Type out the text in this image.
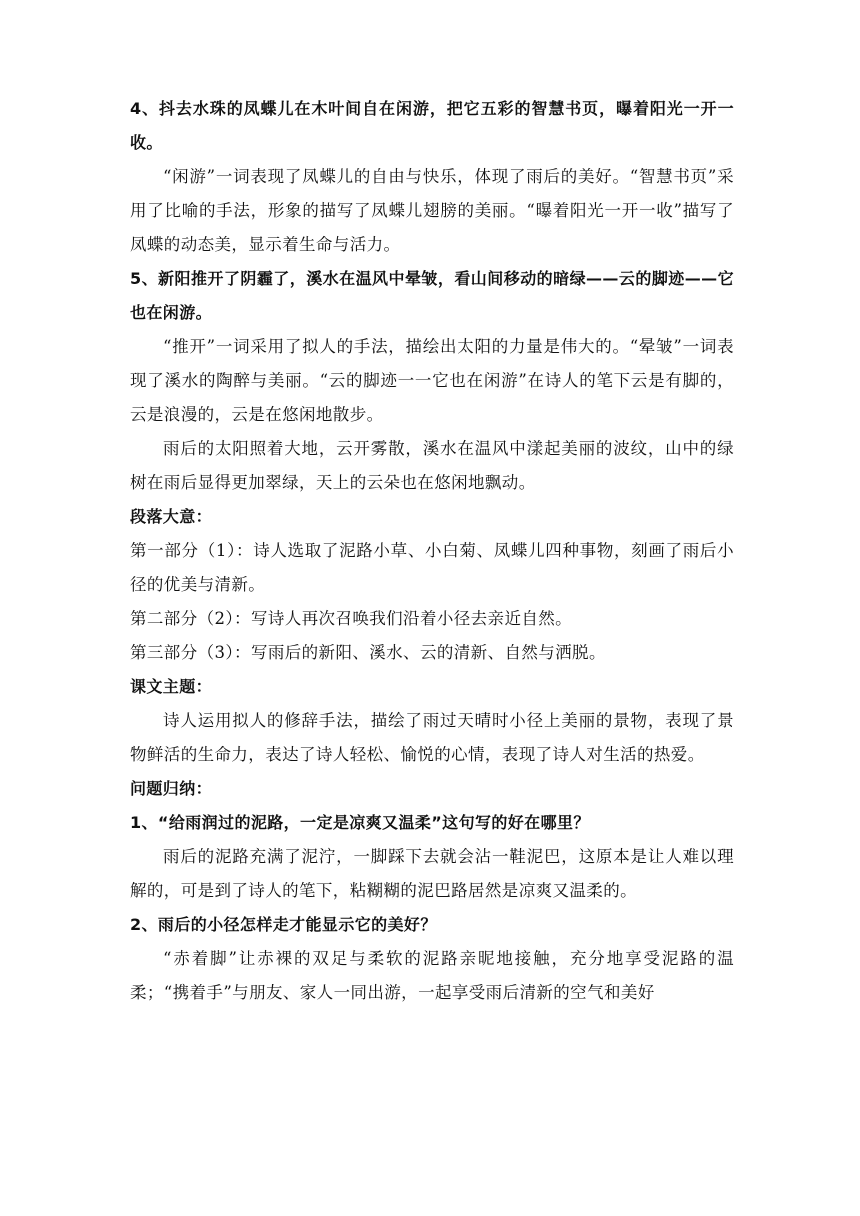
4、抖去水珠的凤蝶儿在木叶间自在闲游，把它五彩的智慧书页，曝着阳光一开一收。

“闲游”一词表现了凤蝶儿的自由与快乐，体现了雨后的美好。“智慧书页”采用了比喻的手法，形象的描写了凤蝶儿翅膀的美丽。“曝着阳光一开一收”描写了凤蝶的动态美，显示着生命与活力。

5、新阳推开了阴霾了，溪水在温风中晕皱，看山间移动的暗绿——云的脚迹——它也在闲游。

“推开”一词采用了拟人的手法，描绘出太阳的力量是伟大的。“晕皱”一词表现了溪水的陶醉与美丽。“云的脚迹一一它也在闲游”在诗人的笔下云是有脚的，云是浪漫的，云是在悠闲地散步。

雨后的太阳照着大地，云开雾散，溪水在温风中漾起美丽的波纹，山中的绿树在雨后显得更加翠绿，天上的云朵也在悠闲地飘动。

段落大意：

第一部分（1）：诗人选取了泥路小草、小白菊、凤蝶儿四种事物，刻画了雨后小径的优美与清新。

第二部分（2）：写诗人再次召唤我们沿着小径去亲近自然。

第三部分（3）：写雨后的新阳、溪水、云的清新、自然与洒脱。

课文主题：

诗人运用拟人的修辞手法，描绘了雨过天晴时小径上美丽的景物，表现了景物鲜活的生命力，表达了诗人轻松、愉悦的心情，表现了诗人对生活的热爱。

问题归纳：

1、“给雨润过的泥路，一定是凉爽又温柔”这句写的好在哪里？

雨后的泥路充满了泥泞，一脚踩下去就会沾一鞋泥巴，这原本是让人难以理解的，可是到了诗人的笔下，粘糊糊的泥巴路居然是凉爽又温柔的。

2、雨后的小径怎样走才能显示它的美好？

“赤着脚”让赤裸的双足与柔软的泥路亲昵地接触，充分地享受泥路的温柔；“携着手”与朋友、家人一同出游，一起享受雨后清新的空气和美好
